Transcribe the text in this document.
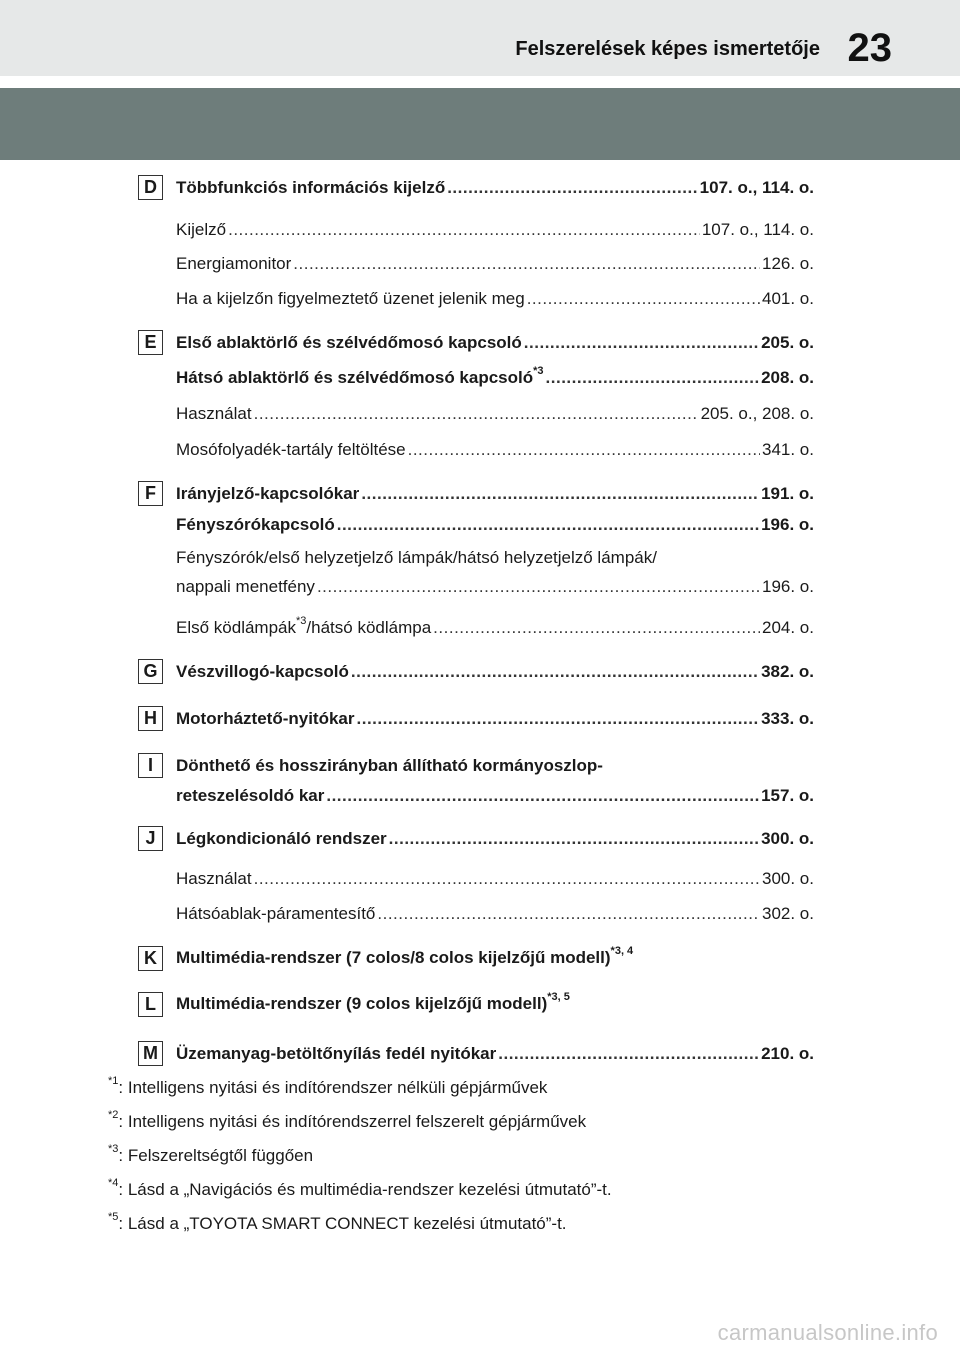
Felszerelések képes ismertetője 23
D	Többfunkciós információs kijelző .....	107. o., 114. o.
Kijelző .....	107. o., 114. o.
Energiamonitor .....	126. o.
Ha a kijelzőn figyelmeztető üzenet jelenik meg .....	401. o.
E	Első ablaktörlő és szélvédőmosó kapcsoló .....	205. o.
Hátsó ablaktörlő és szélvédőmosó kapcsoló$^{*3}$ .....	208. o.
Használat .....	205. o., 208. o.
Mosófolyadék-tartály feltöltése .....	341. o.
F	Irányjelző-kapcsolókar .....	191. o.
Fényszórókapcsoló .....	196. o.
Fényszórók/első helyzetjelző lámpák/hátsó helyzetjelző lámpák/
nappali menetfény .....	196. o.
Első ködlámpák$^{*3}$/hátsó ködlámpa .....	204. o.
G	Vészvillogó-kapcsoló .....	382. o.
H	Motorháztető-nyitókar .....	333. o.
I	Dönthető és hosszirányban állítható kormányoszlop-
reteszelésoldó kar .....	157. o.
J	Légkondicionáló rendszer .....	300. o.
Használat .....	300. o.
Hátsóablak-páramentesítő .....	302. o.
K	Multimédia-rendszer (7 colos/8 colos kijelzőjű modell)$^{*3, 4}$
L	Multimédia-rendszer (9 colos kijelzőjű modell)$^{*3, 5}$
M Üzemanyag-betöltőnyílás fedél nyitókar .....	210. o.
$^{*1}$: Intelligens nyitási és indítórendszer nélküli gépjárművek
$^{*2}$: Intelligens nyitási és indítórendszerrel felszerelt gépjárművek
$^{*3}$: Felszereltségtől függően
$^{*4}$: Lásd a „Navigációs és multimédia-rendszer kezelési útmutató”-t.
$^{*5}$: Lásd a „TOYOTA SMART CONNECT kezelési útmutató”-t.
carmanualsonline.info
